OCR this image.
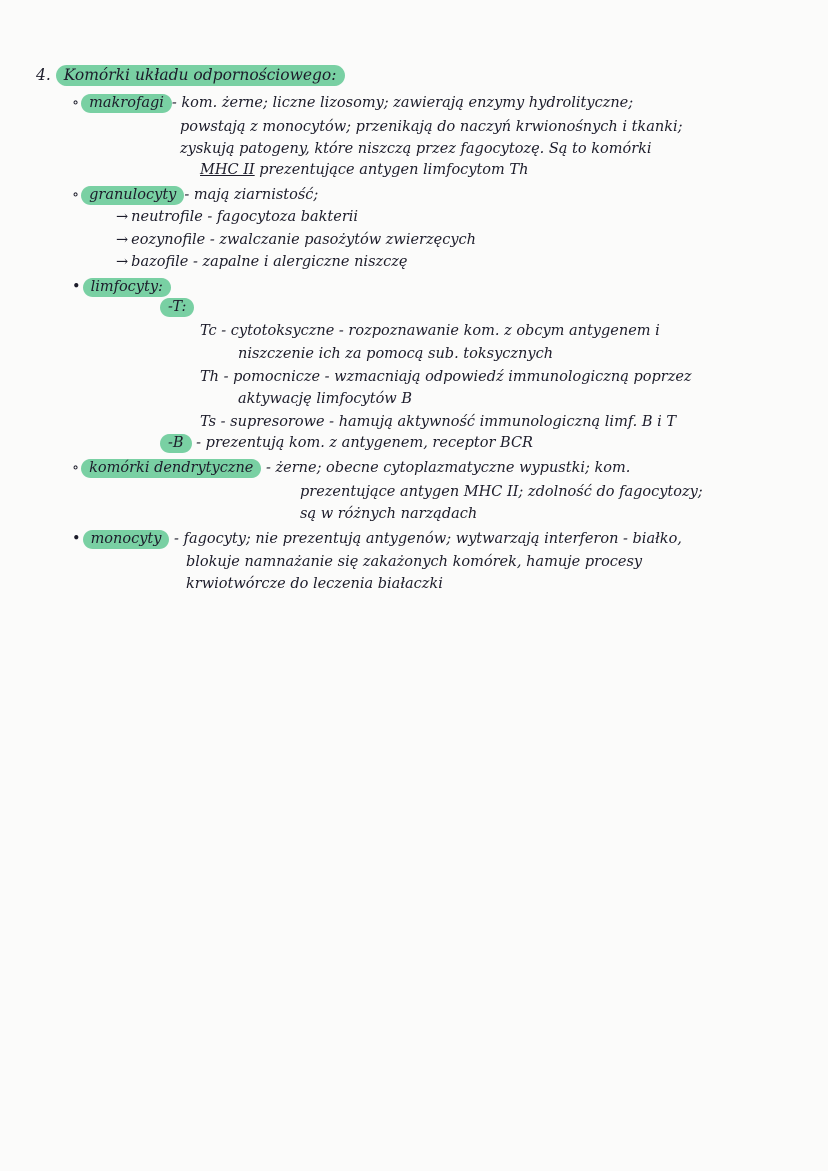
4. Komórki układu odpornościowego:
∘ makrofagi - kom. żerne; liczne lizosomy; zawierają enzymy hydrolityczne;
powstają z monocytów; przenikają do naczyń krwionośnych i tkanki;
zyskują patogeny, które niszczą przez fagocytozę. Są to komórki
MHC II prezentujące antygen limfocytom Th
∘ granulocyty - mają ziarnistość;
→ neutrofile - fagocytoza bakterii
→ eozynofile - zwalczanie pasożytów zwierzęcych
→ bazofile - zapalne i alergiczne niszczę
• limfocyty:
-T:
Tc - cytotoksyczne - rozpoznawanie kom. z obcym antygenem i
niszczenie ich za pomocą sub. toksycznych
Th - pomocnicze - wzmacniają odpowiedź immunologiczną poprzez
aktywację limfocytów B
Ts - supresorowe - hamują aktywność immunologiczną limf. B i T
-B - prezentują kom. z antygenem, receptor BCR
∘ komórki dendrytyczne - żerne; obecne cytoplazmatyczne wypustki; kom.
prezentujące antygen MHC II; zdolność do fagocytozy;
są w różnych narządach
• monocyty - fagocyty; nie prezentują antygenów; wytwarzają interferon - białko,
blokuje namnażanie się zakażonych komórek, hamuje procesy
krwiotwórcze do leczenia białaczki
